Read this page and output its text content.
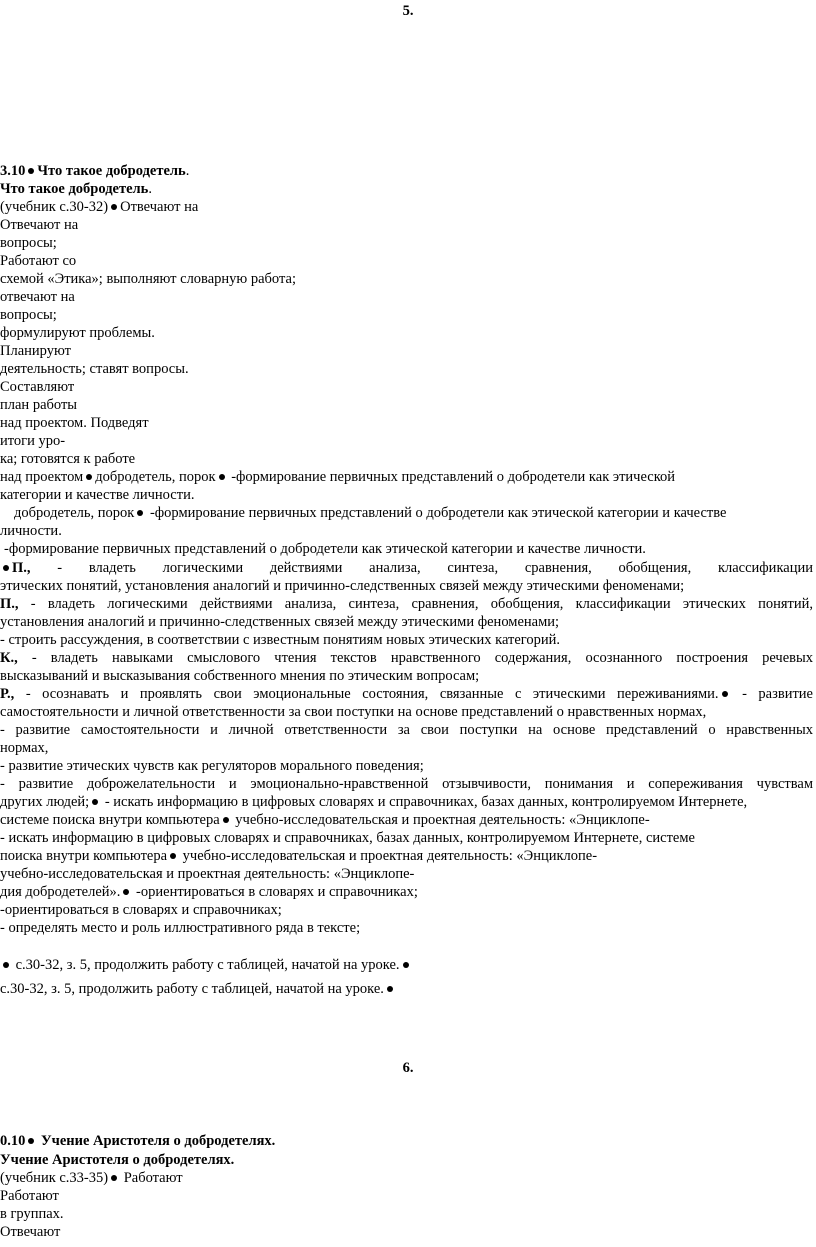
5.
3.10 Что такое добродетель.
Что такое добродетель.
(учебник с.30-32) Отвечают на
Отвечают на
вопросы;
Работают со
схемой «Этика»; выполняют словарную работа;
отвечают на
вопросы;
формулируют проблемы.
Планируют
деятельность; ставят вопросы.
Составляют
план работы
над проектом. Подведят
итоги уро-
ка; готовятся к работе
над проектом добродетель, порок -формирование первичных представлений о добродетели как этической
категории и качестве личности.
добродетель, порок -формирование первичных представлений о добродетели как этической категории и качестве
личности.
-формирование первичных представлений о добродетели как этической категории и качестве личности.
П., - владеть логическими действиями анализа, синтеза, сравнения, обобщения, классификации
этических понятий, установления аналогий и причинно-следственных связей между этическими феноменами;
П., - владеть логическими действиями анализа, синтеза, сравнения, обобщения, классификации этических понятий,
установления аналогий и причинно-следственных связей между этическими феноменами;
- строить рассуждения, в соответствии с известным понятиям новых этических категорий.
К., - владеть навыками смыслового чтения текстов нравственного содержания, осознанного построения речевых
высказываний и высказывания собственного мнения по этическим вопросам;
Р., - осознавать и проявлять свои эмоциональные состояния, связанные с этическими переживаниями. - развитие
самостоятельности и личной ответственности за свои поступки на основе представлений о нравственных нормах,
- развитие самостоятельности и личной ответственности за свои поступки на основе представлений о нравственных
нормах,
- развитие этических чувств как регуляторов морального поведения;
- развитие доброжелательности и эмоционально-нравственной отзывчивости, понимания и сопереживания чувствам
других людей; - искать информацию в цифровых словарях и справочниках, базах данных, контролируемом Интернете,
системе поиска внутри компьютера учебно-исследовательская и проектная деятельность: «Энциклопе-
- искать информацию в цифровых словарях и справочниках, базах данных, контролируемом Интернете, системе
поиска внутри компьютера учебно-исследовательская и проектная деятельность: «Энциклопе-
учебно-исследовательская и проектная деятельность: «Энциклопе-
дия добродетелей». -ориентироваться в словарях и справочниках;
-ориентироваться в словарях и справочниках;
- определять место и роль иллюстративного ряда в тексте;
с.30-32, з. 5, продолжить работу с таблицей, начатой на уроке.
с.30-32, з. 5, продолжить работу с таблицей, начатой на уроке.
6.
0.10 Учение Аристотеля о добродетелях.
Учение Аристотеля о добродетелях.
(учебник с.33-35) Работают
Работают
в группах.
Отвечают
